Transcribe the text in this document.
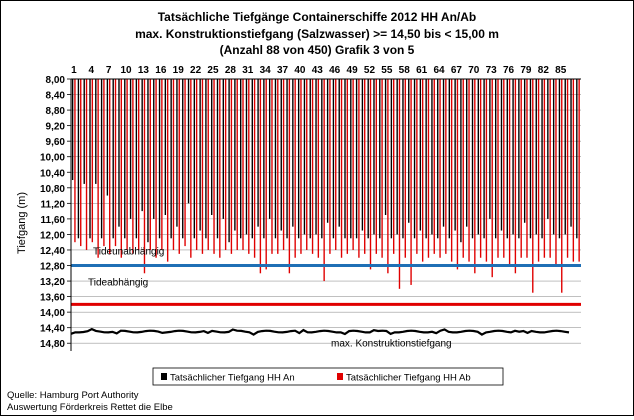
Tatsächliche Tiefgänge Containerschiffe 2012 HH An/Ab
max. Konstruktionstiefgang (Salzwasser) >= 14,50 bis < 15,00 m
(Anzahl 88 von 450) Grafik 3 von 5
Tideunabhängig
Tideabhängig
max. Konstruktionstiefgang
8,00
8,40
8,80
9,20
9,60
10,00
10,40
10,80
11,20
11,60
12,00
12,40
12,80
13,20
13,60
14,00
14,40
14,80
1 4 7 10 13 16 19 22 25 28 31 34 37 40 43 46 49 52 55 58 61 64 67 70 73 76 79 82 85
Tiefgang (m)
Tatsächlicher Tiefgang HH An	Tatsächlicher Tiefgang HH Ab
Quelle: Hamburg Port Authority
Auswertung Förderkreis Rettet die Elbe
